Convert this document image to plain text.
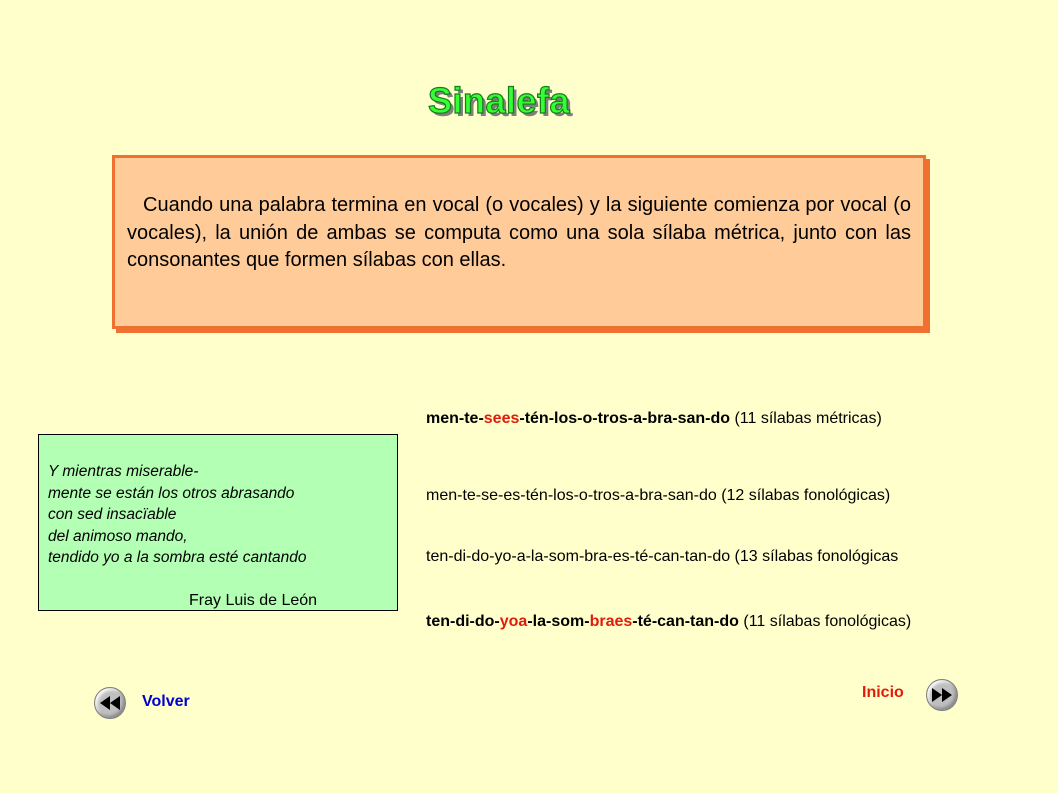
Sinalefa
Cuando una palabra termina en vocal (o vocales) y la siguiente comienza por vocal (o vocales), la unión de ambas se computa como una sola sílaba métrica, junto con las consonantes que formen sílabas con ellas.
Y mientras miserable-
mente se están los otros abrasando
con sed insacïable
del animoso mando,
tendido yo a la sombra esté cantando
Fray Luis de León
men-te-sees-tén-los-o-tros-a-bra-san-do (11 sílabas métricas)
men-te-se-es-tén-los-o-tros-a-bra-san-do (12 sílabas fonológicas)
ten-di-do-yo-a-la-som-bra-es-té-can-tan-do (13 sílabas fonológicas
ten-di-do-yoa-la-som-braes-té-can-tan-do (11 sílabas fonológicas)
Volver
Inicio
